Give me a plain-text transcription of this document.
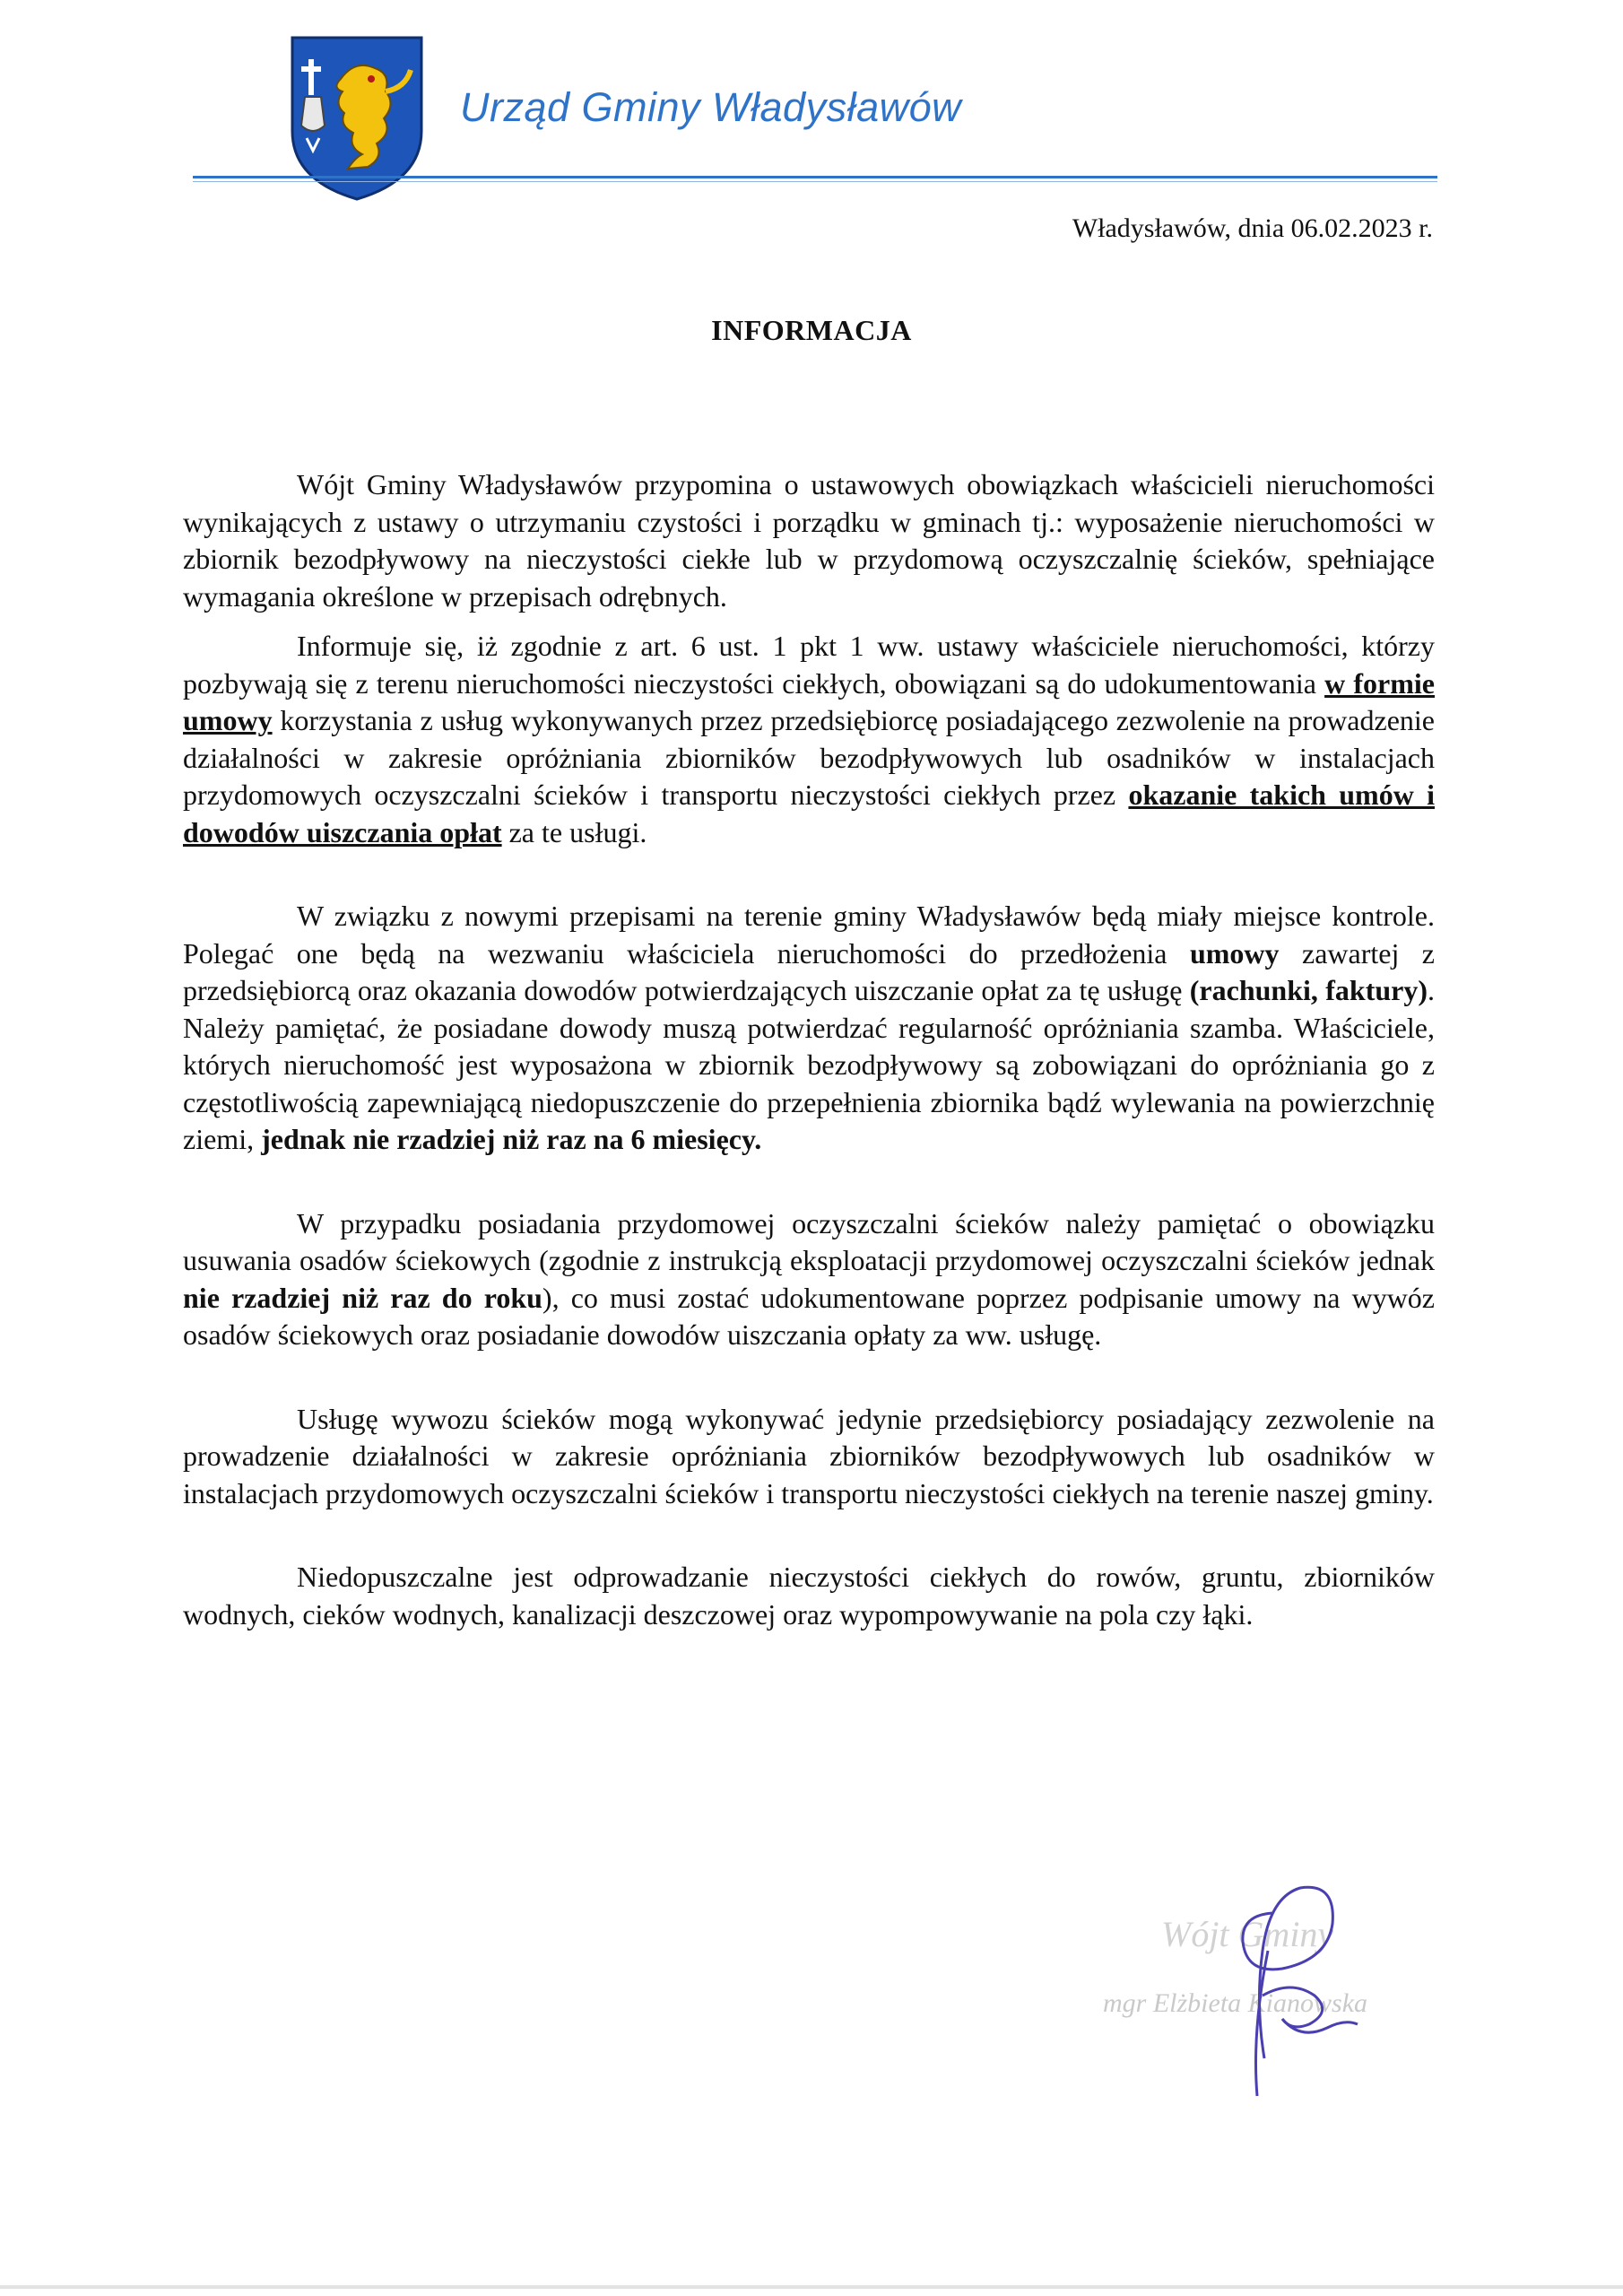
Urząd Gminy Władysławów
Władysławów, dnia 06.02.2023 r.
INFORMACJA

Wójt Gminy Władysławów przypomina o ustawowych obowiązkach właścicieli nieruchomości wynikających z ustawy o utrzymaniu czystości i porządku w gminach tj.: wyposażenie nieruchomości w zbiornik bezodpływowy na nieczystości ciekłe lub w przydomową oczyszczalnię ścieków, spełniające wymagania określone w przepisach odrębnych.

Informuje się, iż zgodnie z art. 6 ust. 1 pkt 1 ww. ustawy właściciele nieruchomości, którzy pozbywają się z terenu nieruchomości nieczystości ciekłych, obowiązani są do udokumentowania w formie umowy korzystania z usług wykonywanych przez przedsiębiorcę posiadającego zezwolenie na prowadzenie działalności w zakresie opróżniania zbiorników bezodpływowych lub osadników w instalacjach przydomowych oczyszczalni ścieków i transportu nieczystości ciekłych przez okazanie takich umów i dowodów uiszczania opłat za te usługi.

W związku z nowymi przepisami na terenie gminy Władysławów będą miały miejsce kontrole. Polegać one będą na wezwaniu właściciela nieruchomości do przedłożenia umowy zawartej z przedsiębiorcą oraz okazania dowodów potwierdzających uiszczanie opłat za tę usługę (rachunki, faktury). Należy pamiętać, że posiadane dowody muszą potwierdzać regularność opróżniania szamba. Właściciele, których nieruchomość jest wyposażona w zbiornik bezodpływowy są zobowiązani do opróżniania go z częstotliwością zapewniającą niedopuszczenie do przepełnienia zbiornika bądź wylewania na powierzchnię ziemi, jednak nie rzadziej niż raz na 6 miesięcy.

W przypadku posiadania przydomowej oczyszczalni ścieków należy pamiętać o obowiązku usuwania osadów ściekowych (zgodnie z instrukcją eksploatacji przydomowej oczyszczalni ścieków jednak nie rzadziej niż raz do roku), co musi zostać udokumentowane poprzez podpisanie umowy na wywóz osadów ściekowych oraz posiadanie dowodów uiszczania opłaty za ww. usługę.

Usługę wywozu ścieków mogą wykonywać jedynie przedsiębiorcy posiadający zezwolenie na prowadzenie działalności w zakresie opróżniania zbiorników bezodpływowych lub osadników w instalacjach przydomowych oczyszczalni ścieków i transportu nieczystości ciekłych na terenie naszej gminy.

Niedopuszczalne jest odprowadzanie nieczystości ciekłych do rowów, gruntu, zbiorników wodnych, cieków wodnych, kanalizacji deszczowej oraz wypompowywanie na pola czy łąki.

Wójt Gminy
mgr Elżbieta Kianowska
